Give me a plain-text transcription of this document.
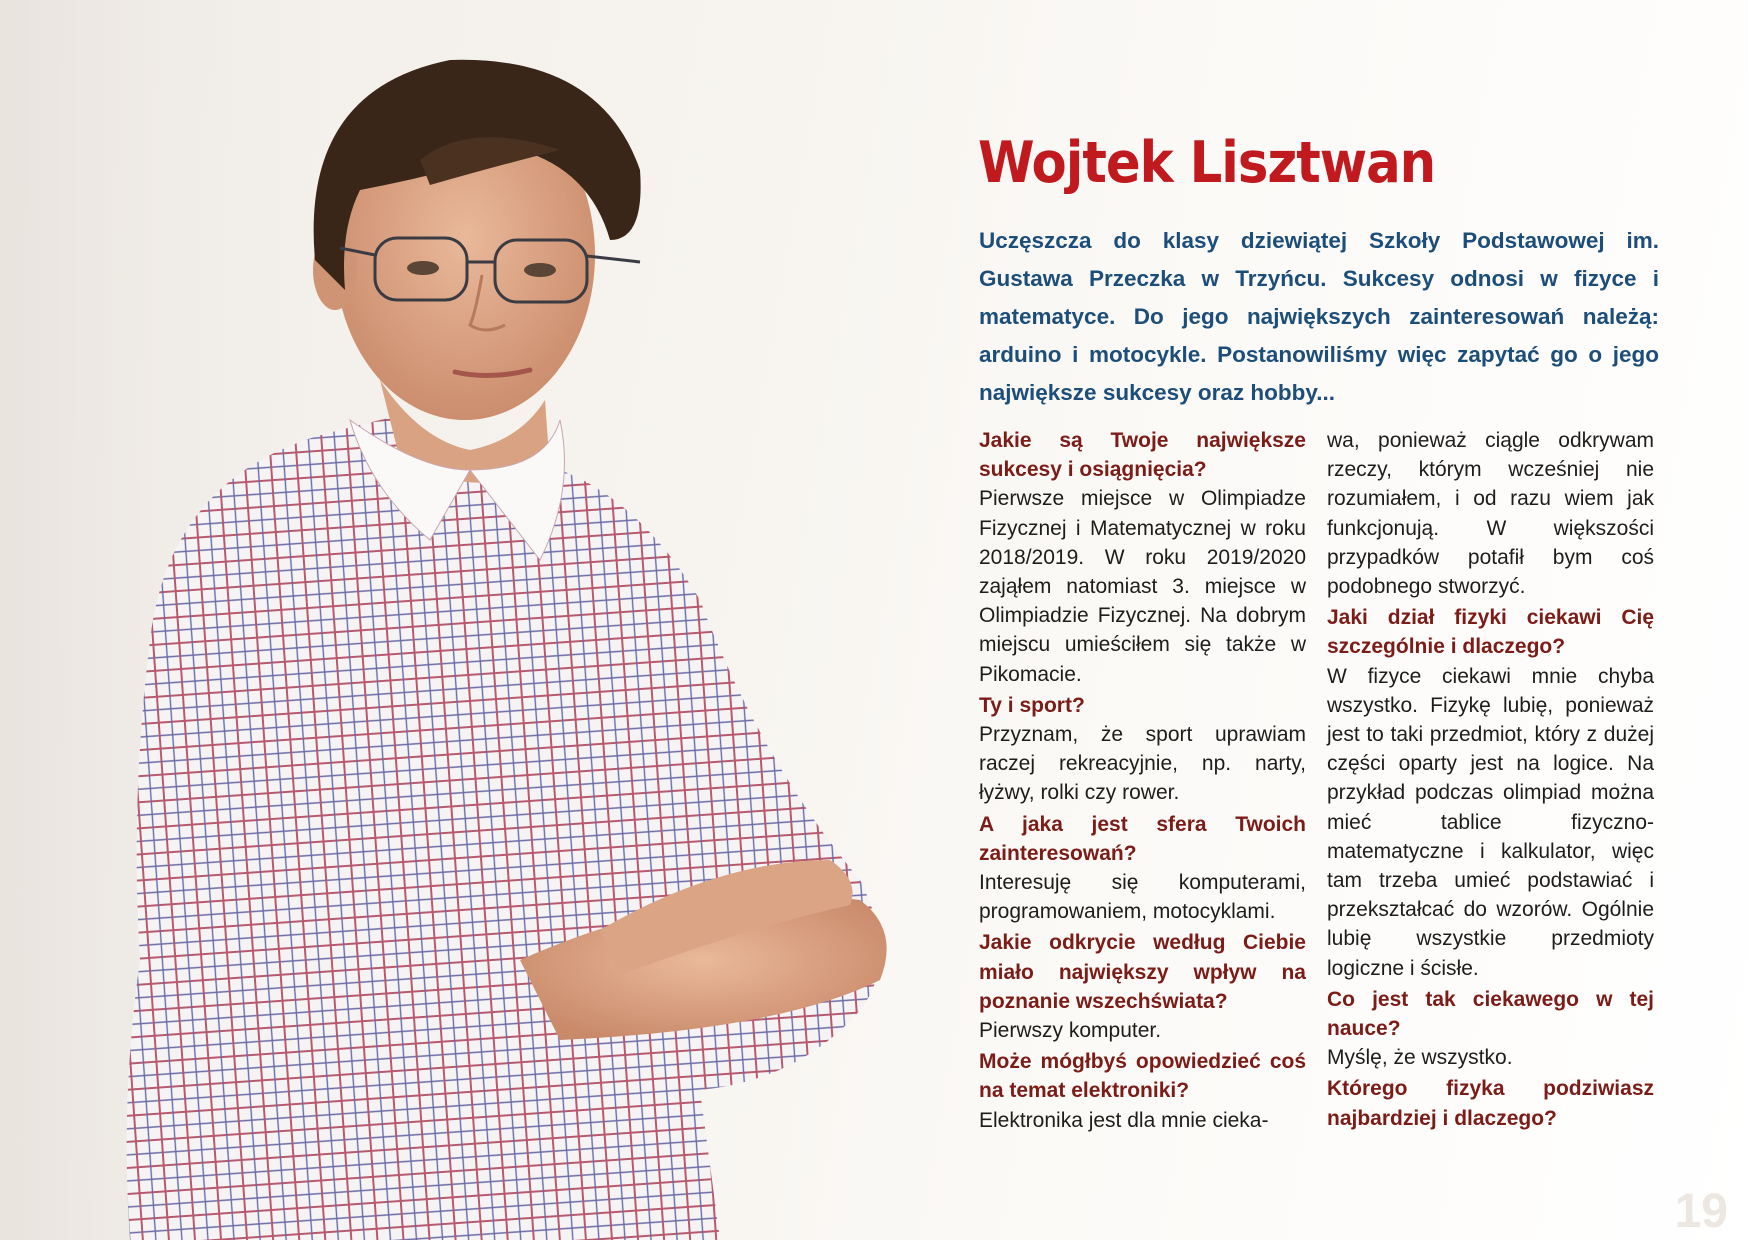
Wojtek Lisztwan

Uczęszcza do klasy dziewiątej Szkoły Podstawowej im. Gustawa Przeczka w Trzyńcu. Sukcesy odnosi w fizyce i matematyce. Do jego największych zainteresowań należą: arduino i motocykle. Postanowiliśmy więc zapytać go o jego największe sukcesy oraz hobby...

Jakie są Twoje największe sukcesy i osiągnięcia?

Pierwsze miejsce w Olimpiadze Fizycznej i Matematycznej w roku 2018/2019. W roku 2019/2020 zająłem natomiast 3. miejsce w Olimpiadzie Fizycznej. Na dobrym miejscu umieściłem się także w Pikomacie.

Ty i sport?

Przyznam, że sport uprawiam raczej rekreacyjnie, np. narty, łyżwy, rolki czy rower.

A jaka jest sfera Twoich zainteresowań?

Interesuję się komputerami, programowaniem, motocyklami.

Jakie odkrycie według Ciebie miało największy wpływ na poznanie wszechświata?

Pierwszy komputer.

Może mógłbyś opowiedzieć coś na temat elektroniki?

Elektronika jest dla mnie cieka-

wa, ponieważ ciągle odkrywam rzeczy, którym wcześniej nie rozumiałem, i od razu wiem jak funkcjonują. W większości przypadków potafił bym coś podobnego stworzyć.

Jaki dział fizyki ciekawi Cię szczególnie i dlaczego?

W fizyce ciekawi mnie chyba wszystko. Fizykę lubię, ponieważ jest to taki przedmiot, który z dużej części oparty jest na logice. Na przykład podczas olimpiad można mieć tablice fizyczno-matematyczne i kalkulator, więc tam trzeba umieć podstawiać i przekształcać do wzorów. Ogólnie lubię wszystkie przedmioty logiczne i ścisłe.

Co jest tak ciekawego w tej nauce?

Myślę, że wszystko.

Którego fizyka podziwiasz najbardziej i dlaczego?

19
